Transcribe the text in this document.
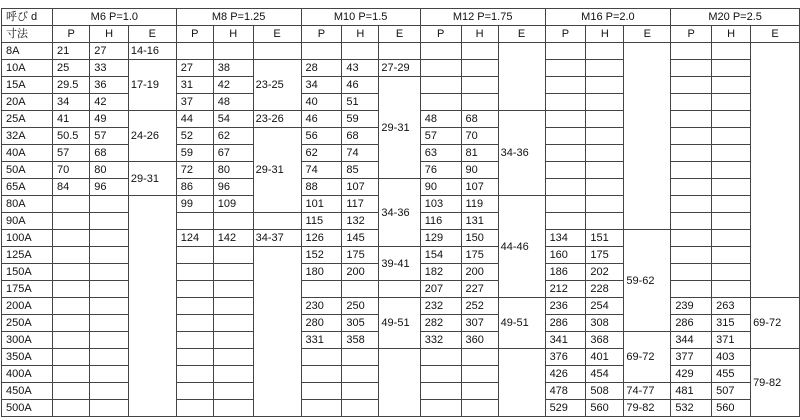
呼び d	M6 P=1.0			M8 P=1.25			M10 P=1.5			M12 P=1.75			M16 P=2.0			M20 P=2.5		
寸法	P	H	E	P	H	E	P	H	E	P	H	E	P	H	E	P	H	E
8A	21	27	14-16															
10A	25	33	17-19	27	38	23-25	28	43	27-29									
15A	29.5	36		31	42		34	46	29-31									
20A	34	42		37	48		40	51										
25A	41	49	24-26	44	54	23-26	46	59		48	68	34-36						
32A	50.5	57		52	62	29-31	56	68		57	70							
40A	57	68		59	67		62	74		63	81							
50A	70	80	29-31	72	80		74	85		76	90							
65A	84	96		86	96		88	107	34-36	90	107							
80A				99	109		101	117		103	119	44-46						
90A							115	132		116	131							
100A				124	142	34-37	126	145		129	150		134	151	59-62			
125A							152	175	39-41	154	175		160	175				
150A							180	200		182	200		186	202				
175A										207	227		212	228				
200A							230	250	49-51	232	252	49-51	236	254		239	263	69-72
250A							280	305		282	307		286	308		286	315	
300A							331	358		332	360		341	368	69-72	344	371	
350A													376	401		377	403	79-82
400A													426	454		429	455	
450A													478	508	74-77	481	507	
500A													529	560	79-82	532	560	
